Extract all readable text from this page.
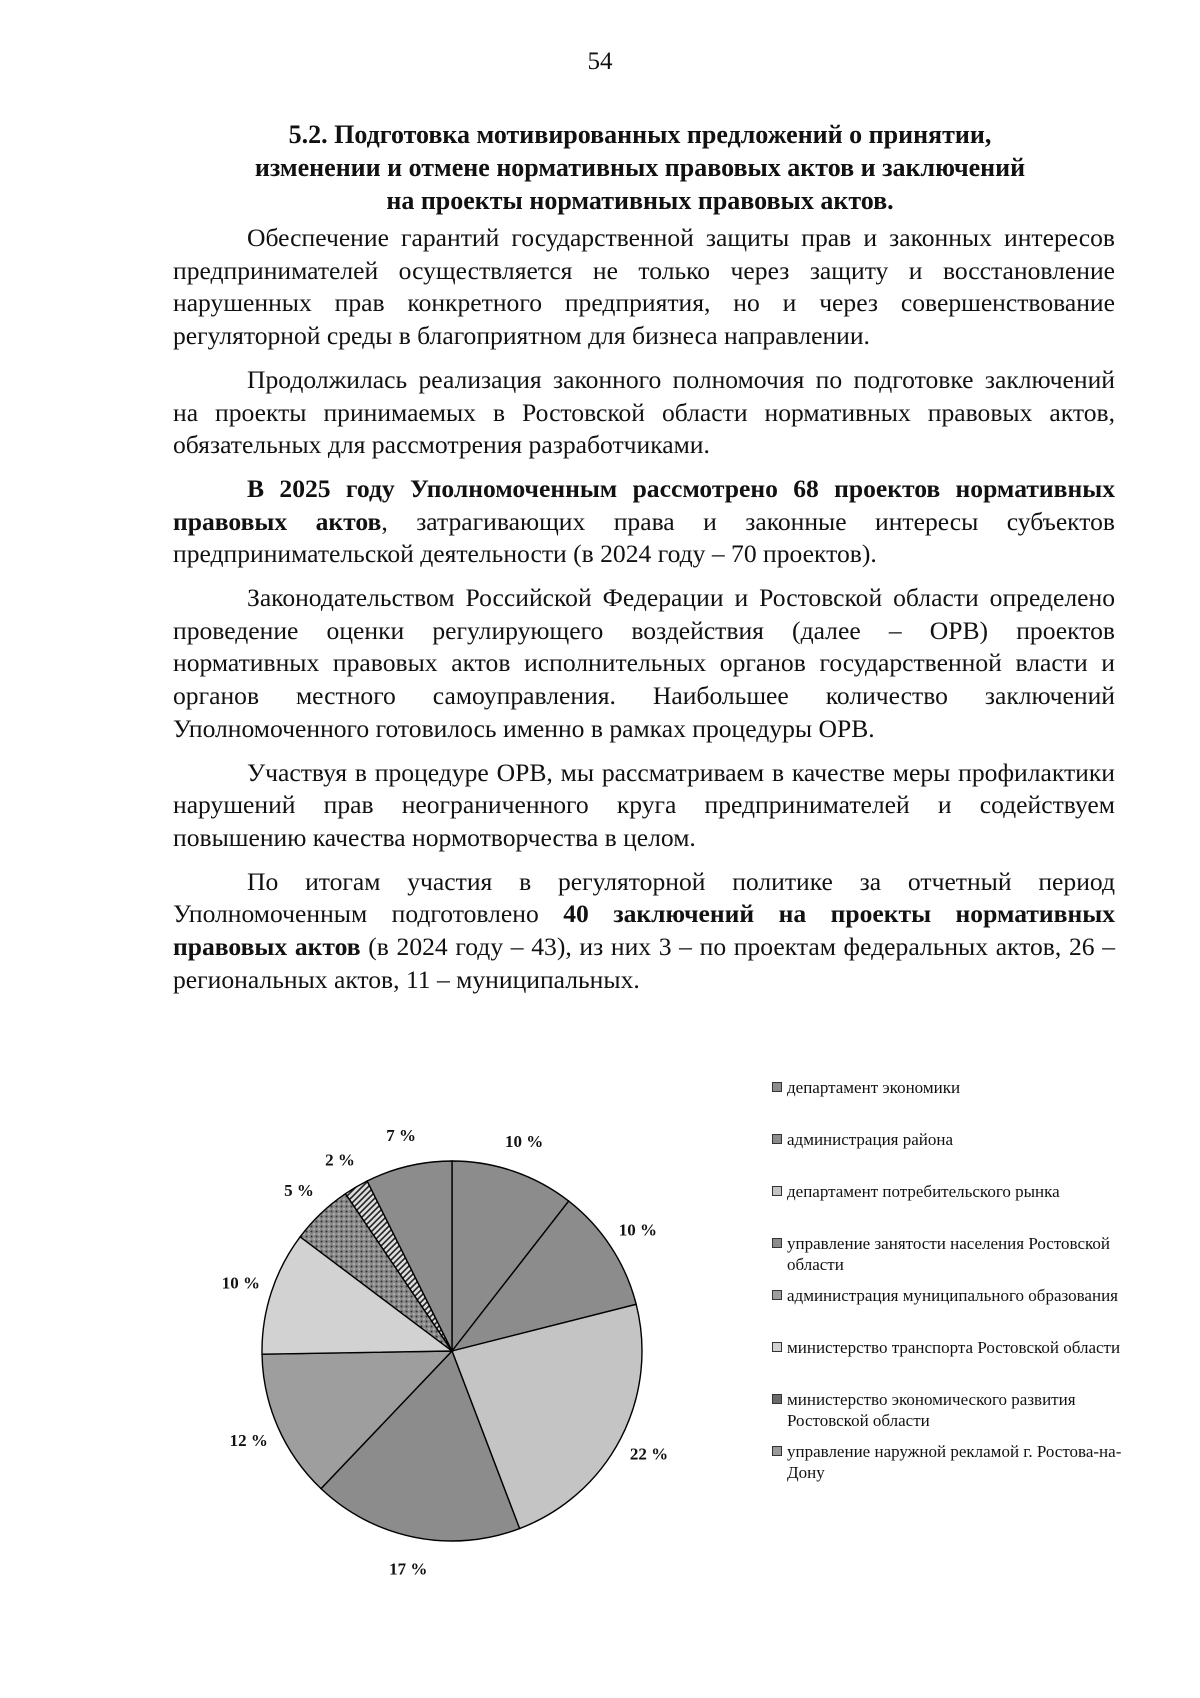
54
5.2. Подготовка мотивированных предложений о принятии,
изменении и отмене нормативных правовых актов и заключений
на проекты нормативных правовых актов.

Обеспечение гарантий государственной защиты прав и законных интересов предпринимателей осуществляется не только через защиту и восстановление нарушенных прав конкретного предприятия, но и через совершенствование регуляторной среды в благоприятном для бизнеса направлении.

Продолжилась реализация законного полномочия по подготовке заключений на проекты принимаемых в Ростовской области нормативных правовых актов, обязательных для рассмотрения разработчиками.

В 2025 году Уполномоченным рассмотрено 68 проектов нормативных правовых актов, затрагивающих права и законные интересы субъектов предпринимательской деятельности (в 2024 году – 70 проектов).

Законодательством Российской Федерации и Ростовской области определено проведение оценки регулирующего воздействия (далее – ОРВ) проектов нормативных правовых актов исполнительных органов государственной власти и органов местного самоуправления. Наибольшее количество заключений Уполномоченного готовилось именно в рамках процедуры ОРВ.

Участвуя в процедуре ОРВ, мы рассматриваем в качестве меры профилактики нарушений прав неограниченного круга предпринимателей и содействуем повышению качества нормотворчества в целом.

По итогам участия в регуляторной политике за отчетный период Уполномоченным подготовлено 40 заключений на проекты нормативных правовых актов (в 2024 году – 43), из них 3 – по проектам федеральных актов, 26 – региональных актов, 11 – муниципальных.

10 %
10 %
22 %
17 %
12 %
10 %
5 %
2 %
7 %
департамент экономики
администрация района
департамент потребительского рынка
управление занятости населения Ростовской области
администрация муниципального образования
министерство транспорта Ростовской области
министерство экономического развития Ростовской области
управление наружной рекламой г. Ростова-на-Дону
